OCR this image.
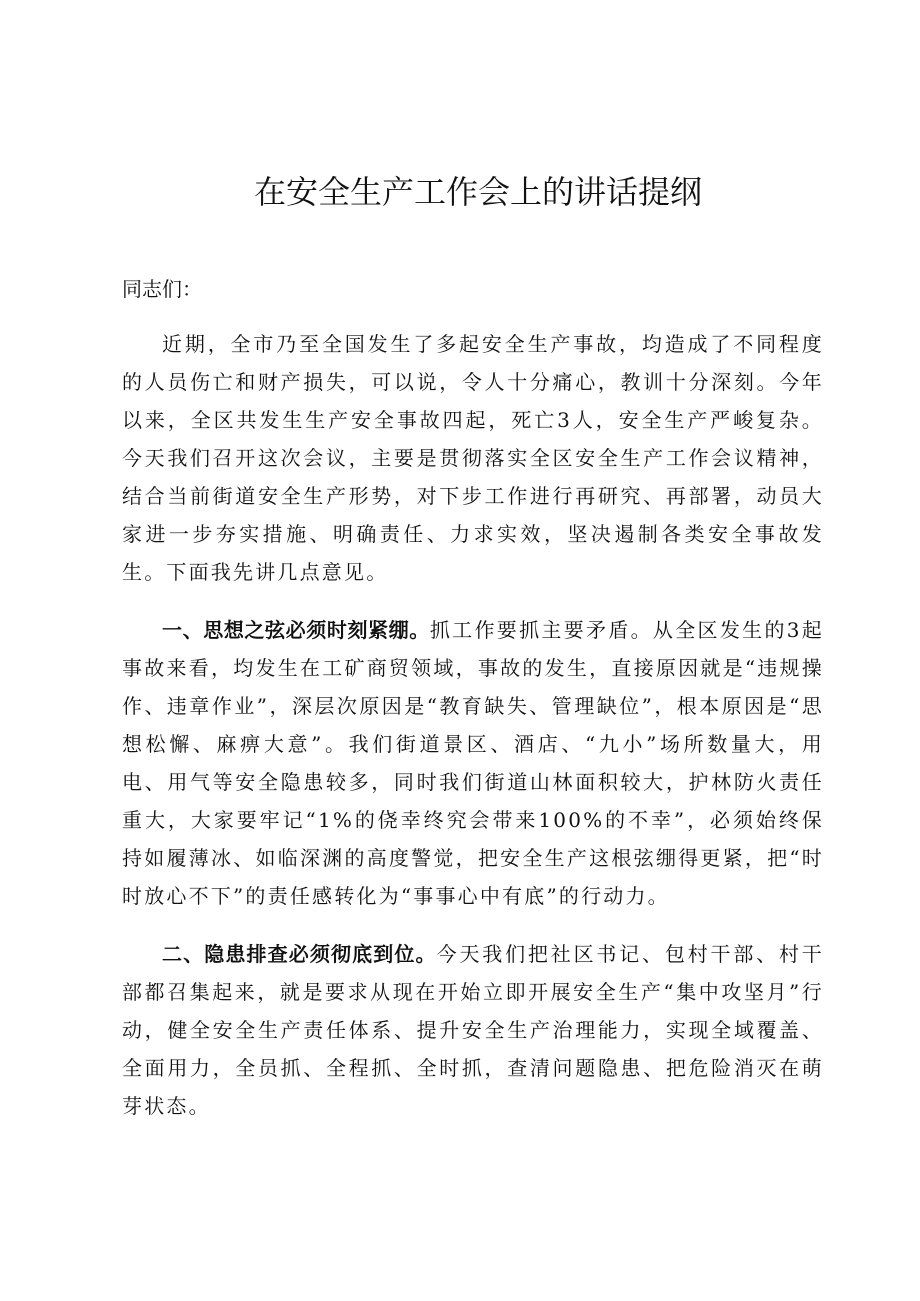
在安全生产工作会上的讲话提纲
同志们：

近期，全市乃至全国发生了多起安全生产事故，均造成了不同程度的人员伤亡和财产损失，可以说，令人十分痛心，教训十分深刻。今年以来，全区共发生生产安全事故四起，死亡3人，安全生产严峻复杂。今天我们召开这次会议，主要是贯彻落实全区安全生产工作会议精神，结合当前街道安全生产形势，对下步工作进行再研究、再部署，动员大家进一步夯实措施、明确责任、力求实效，坚决遏制各类安全事故发生。下面我先讲几点意见。

一、思想之弦必须时刻紧绷。抓工作要抓主要矛盾。从全区发生的3起事故来看，均发生在工矿商贸领域，事故的发生，直接原因就是“违规操作、违章作业”，深层次原因是“教育缺失、管理缺位”，根本原因是“思想松懈、麻痹大意”。我们街道景区、酒店、“九小”场所数量大，用电、用气等安全隐患较多，同时我们街道山林面积较大，护林防火责任重大，大家要牢记“1%的侥幸终究会带来100%的不幸”，必须始终保持如履薄冰、如临深渊的高度警觉，把安全生产这根弦绷得更紧，把“时时放心不下”的责任感转化为“事事心中有底”的行动力。

二、隐患排查必须彻底到位。今天我们把社区书记、包村干部、村干部都召集起来，就是要求从现在开始立即开展安全生产“集中攻坚月”行动，健全安全生产责任体系、提升安全生产治理能力，实现全域覆盖、全面用力，全员抓、全程抓、全时抓，查清问题隐患、把危险消灭在萌芽状态。
